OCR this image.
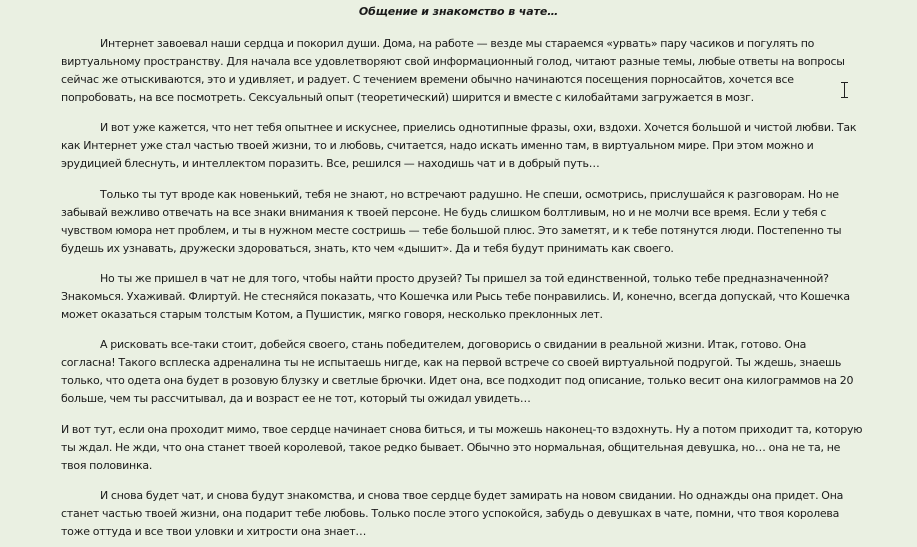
Общение и знакомство в чате…
Интернет завоевал наши сердца и покорил души. Дома, на работе — везде мы стараемся «урвать» пару часиков и погулять по
виртуальному пространству. Для начала все удовлетворяют свой информационный голод, читают разные темы, любые ответы на вопросы
сейчас же отыскиваются, это и удивляет, и радует. С течением времени обычно начинаются посещения порносайтов, хочется все
попробовать, на все посмотреть. Сексуальный опыт (теоретический) ширится и вместе с килобайтами загружается в мозг.
И вот уже кажется, что нет тебя опытнее и искуснее, приелись однотипные фразы, охи, вздохи. Хочется большой и чистой любви. Так
как Интернет уже стал частью твоей жизни, то и любовь, считается, надо искать именно там, в виртуальном мире. При этом можно и
эрудицией блеснуть, и интеллектом поразить. Все, решился — находишь чат и в добрый путь…
Только ты тут вроде как новенький, тебя не знают, но встречают радушно. Не спеши, осмотрись, прислушайся к разговорам. Но не
забывай вежливо отвечать на все знаки внимания к твоей персоне. Не будь слишком болтливым, но и не молчи все время. Если у тебя с
чувством юмора нет проблем, и ты в нужном месте состришь — тебе большой плюс. Это заметят, и к тебе потянутся люди. Постепенно ты
будешь их узнавать, дружески здороваться, знать, кто чем «дышит». Да и тебя будут принимать как своего.
Но ты же пришел в чат не для того, чтобы найти просто друзей? Ты пришел за той единственной, только тебе предназначенной?
Знакомься. Ухаживай. Флиртуй. Не стесняйся показать, что Кошечка или Рысь тебе понравились. И, конечно, всегда допускай, что Кошечка
может оказаться старым толстым Котом, а Пушистик, мягко говоря, несколько преклонных лет.
А рисковать все-таки стоит, добейся своего, стань победителем, договорись о свидании в реальной жизни. Итак, готово. Она
согласна! Такого всплеска адреналина ты не испытаешь нигде, как на первой встрече со своей виртуальной подругой. Ты ждешь, знаешь
только, что одета она будет в розовую блузку и светлые брючки. Идет она, все подходит под описание, только весит она килограммов на 20
больше, чем ты рассчитывал, да и возраст ее не тот, который ты ожидал увидеть…
И вот тут, если она проходит мимо, твое сердце начинает снова биться, и ты можешь наконец-то вздохнуть. Ну а потом приходит та, которую
ты ждал. Не жди, что она станет твоей королевой, такое редко бывает. Обычно это нормальная, общительная девушка, но… она не та, не
твоя половинка.
И снова будет чат, и снова будут знакомства, и снова твое сердце будет замирать на новом свидании. Но однажды она придет. Она
станет частью твоей жизни, она подарит тебе любовь. Только после этого успокойся, забудь о девушках в чате, помни, что твоя королева
тоже оттуда и все твои уловки и хитрости она знает…
